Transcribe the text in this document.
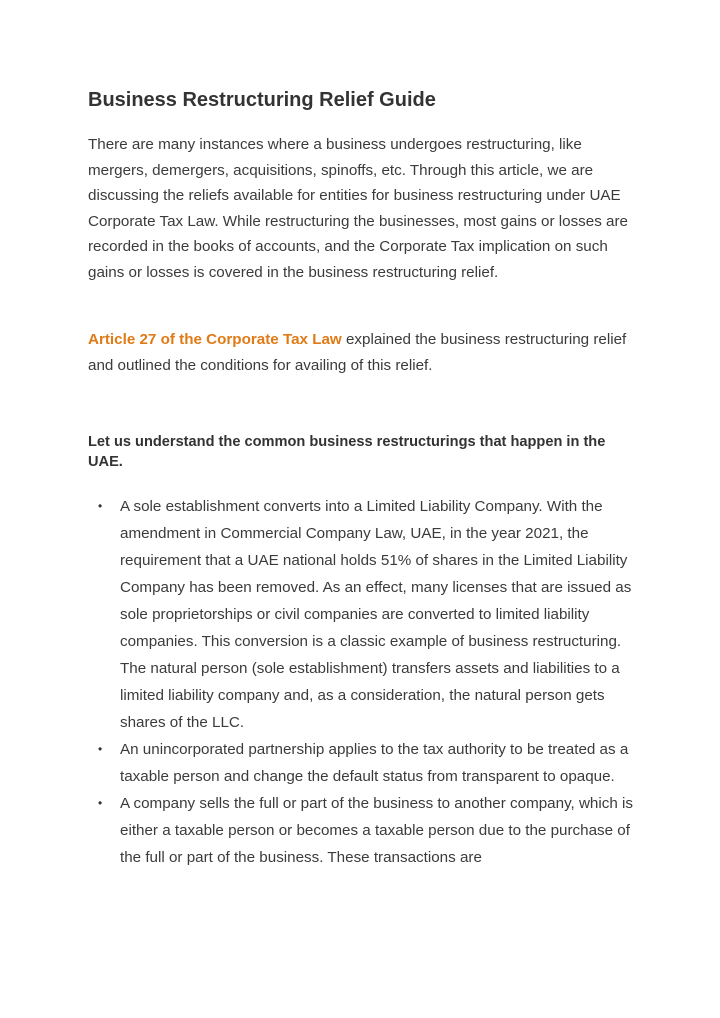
Business Restructuring Relief Guide

There are many instances where a business undergoes restructuring, like mergers, demergers, acquisitions, spinoffs, etc. Through this article, we are discussing the reliefs available for entities for business restructuring under UAE Corporate Tax Law. While restructuring the businesses, most gains or losses are recorded in the books of accounts, and the Corporate Tax implication on such gains or losses is covered in the business restructuring relief.

Article 27 of the Corporate Tax Law explained the business restructuring relief and outlined the conditions for availing of this relief.

Let us understand the common business restructurings that happen in the UAE.

• A sole establishment converts into a Limited Liability Company. With the amendment in Commercial Company Law, UAE, in the year 2021, the requirement that a UAE national holds 51% of shares in the Limited Liability Company has been removed. As an effect, many licenses that are issued as sole proprietorships or civil companies are converted to limited liability companies. This conversion is a classic example of business restructuring. The natural person (sole establishment) transfers assets and liabilities to a limited liability company and, as a consideration, the natural person gets shares of the LLC.
• An unincorporated partnership applies to the tax authority to be treated as a taxable person and change the default status from transparent to opaque.
• A company sells the full or part of the business to another company, which is either a taxable person or becomes a taxable person due to the purchase of the full or part of the business. These transactions are
